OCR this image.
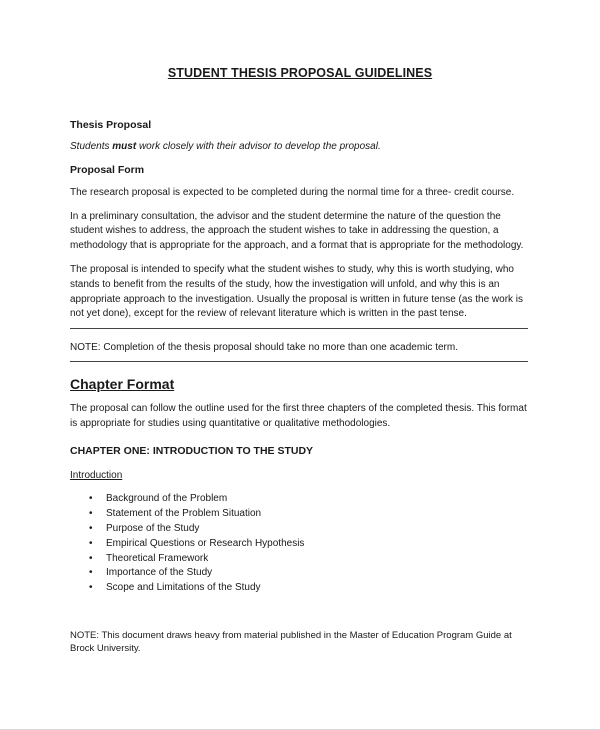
STUDENT THESIS PROPOSAL GUIDELINES
Thesis Proposal

Students must work closely with their advisor to develop the proposal.

Proposal Form

The research proposal is expected to be completed during the normal time for a three- credit course.

In a preliminary consultation, the advisor and the student determine the nature of the question the student wishes to address, the approach the student wishes to take in addressing the question, a methodology that is appropriate for the approach, and a format that is appropriate for the methodology.

The proposal is intended to specify what the student wishes to study, why this is worth studying, who stands to benefit from the results of the study, how the investigation will unfold, and why this is an appropriate approach to the investigation. Usually the proposal is written in future tense (as the work is not yet done), except for the review of relevant literature which is written in the past tense.

NOTE: Completion of the thesis proposal should take no more than one academic term.

Chapter Format

The proposal can follow the outline used for the first three chapters of the completed thesis. This format is appropriate for studies using quantitative or qualitative methodologies.

CHAPTER ONE: INTRODUCTION TO THE STUDY

Introduction

• Background of the Problem
• Statement of the Problem Situation
• Purpose of the Study
• Empirical Questions or Research Hypothesis
• Theoretical Framework
• Importance of the Study
• Scope and Limitations of the Study

NOTE: This document draws heavy from material published in the Master of Education Program Guide at Brock University.
